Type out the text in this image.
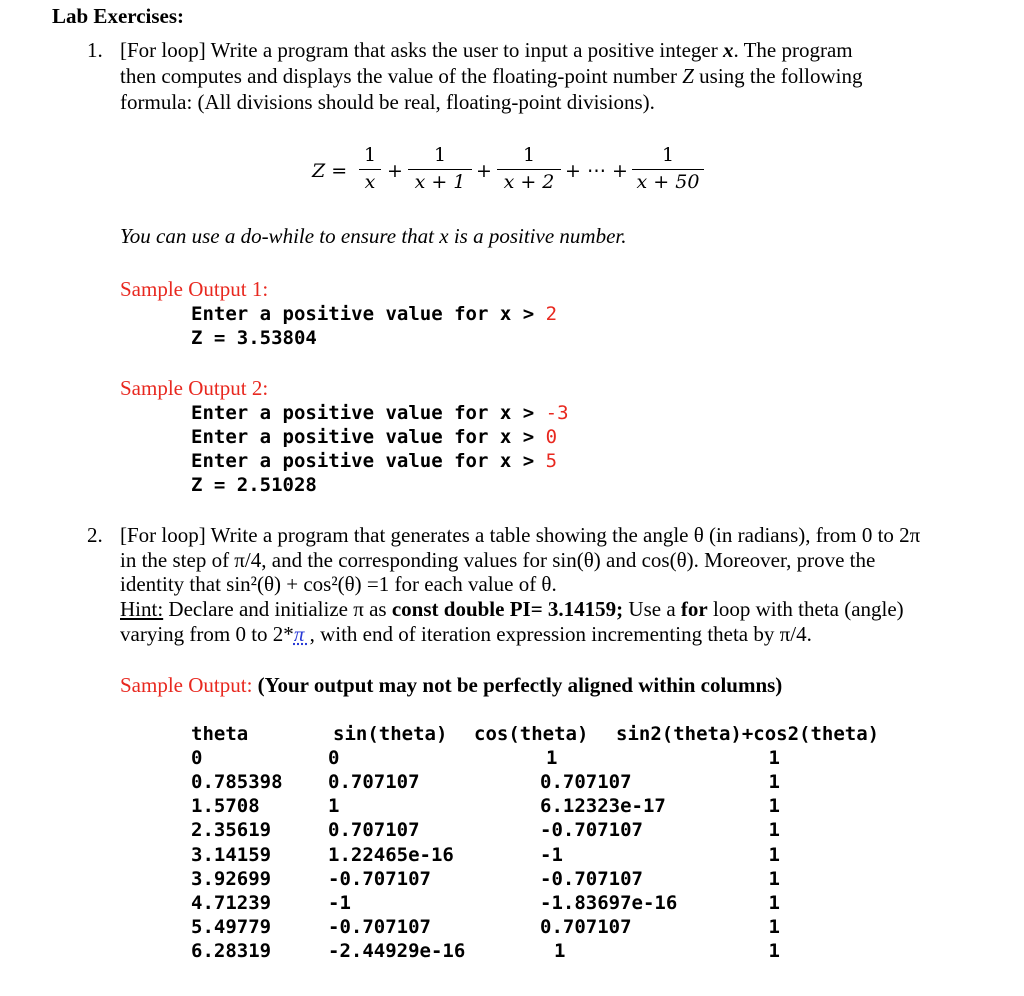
Lab Exercises:
1. [For loop] Write a program that asks the user to input a positive integer x. The program
then computes and displays the value of the floating-point number Z using the following
formula: (All divisions should be real, floating-point divisions).
Z =
1
x +
1
x + 1 +
1
x + 2 + ⋯ +
1
x + 50
You can use a do-while to ensure that x is a positive number.
Sample Output 1:
Enter a positive value for x > 2
Z = 3.53804
Sample Output 2:
Enter a positive value for x > -3
Enter a positive value for x > 0
Enter a positive value for x > 5
Z = 2.51028
2. [For loop] Write a program that generates a table showing the angle θ (in radians), from 0 to 2π
in the step of π/4, and the corresponding values for sin(θ) and cos(θ). Moreover, prove the
identity that sin²(θ) + cos²(θ) =1 for each value of θ.
Hint: Declare and initialize π as const double PI= 3.14159; Use a for loop with theta (angle)
varying from 0 to 2*π , with end of iteration expression incrementing theta by π/4.
Sample Output: (Your output may not be perfectly aligned within columns)
theta	sin(theta) cos(theta) sin2(theta)+cos2(theta)
0	0	1	1
0.785398 0.707107	0.707107	1
1.5708	1	6.12323e-17	1
2.35619	0.707107	-0.707107	1
3.14159	1.22465e-16	-1	1
3.92699	-0.707107	-0.707107	1
4.71239	-1	-1.83697e-16	1
5.49779	-0.707107	0.707107	1
6.28319	-2.44929e-16	1	1
